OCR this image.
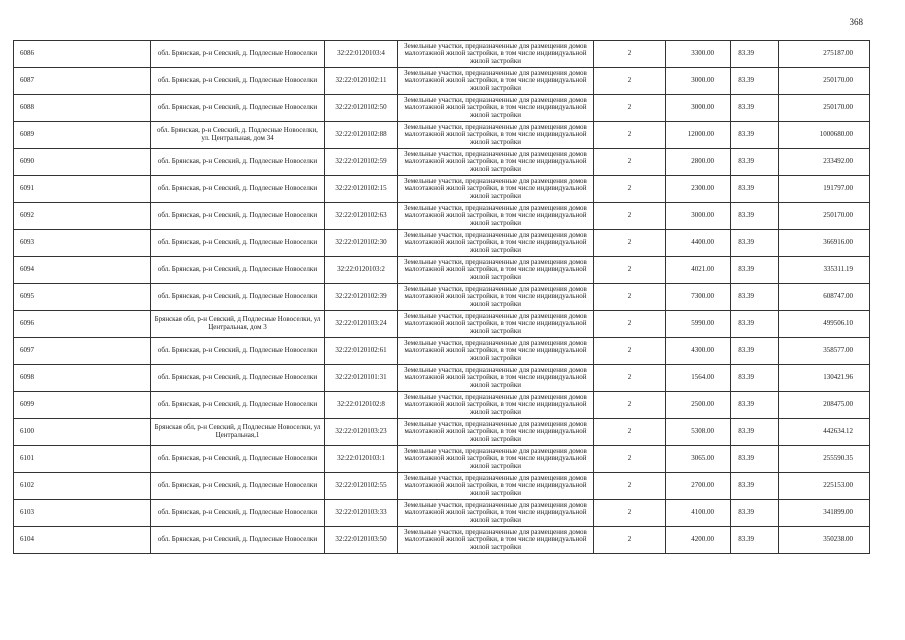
368
6086	обл. Брянская, р-н Севский, д. Подлесные Новоселки	32:22:0120103:4	Земельные участки, предназначенные для размещения домов малоэтажной жилой застройки, в том числе индивидуальной жилой застройки	2	3300.00	83.39	275187.00
6087	обл. Брянская, р-н Севский, д. Подлесные Новоселки	32:22:0120102:11	Земельные участки, предназначенные для размещения домов малоэтажной жилой застройки, в том числе индивидуальной жилой застройки	2	3000.00	83.39	250170.00
6088	обл. Брянская, р-н Севский, д. Подлесные Новоселки	32:22:0120102:50	Земельные участки, предназначенные для размещения домов малоэтажной жилой застройки, в том числе индивидуальной жилой застройки	2	3000.00	83.39	250170.00
6089	обл. Брянская, р-н Севский, д. Подлесные Новоселки, ул. Центральная, дом 34	32:22:0120102:88	Земельные участки, предназначенные для размещения домов малоэтажной жилой застройки, в том числе индивидуальной жилой застройки	2	12000.00	83.39	1000680.00
6090	обл. Брянская, р-н Севский, д. Подлесные Новоселки	32:22:0120102:59	Земельные участки, предназначенные для размещения домов малоэтажной жилой застройки, в том числе индивидуальной жилой застройки	2	2800.00	83.39	233492.00
6091	обл. Брянская, р-н Севский, д. Подлесные Новоселки	32:22:0120102:15	Земельные участки, предназначенные для размещения домов малоэтажной жилой застройки, в том числе индивидуальной жилой застройки	2	2300.00	83.39	191797.00
6092	обл. Брянская, р-н Севский, д. Подлесные Новоселки	32:22:0120102:63	Земельные участки, предназначенные для размещения домов малоэтажной жилой застройки, в том числе индивидуальной жилой застройки	2	3000.00	83.39	250170.00
6093	обл. Брянская, р-н Севский, д. Подлесные Новоселки	32:22:0120102:30	Земельные участки, предназначенные для размещения домов малоэтажной жилой застройки, в том числе индивидуальной жилой застройки	2	4400.00	83.39	366916.00
6094	обл. Брянская, р-н Севский, д. Подлесные Новоселки	32:22:0120103:2	Земельные участки, предназначенные для размещения домов малоэтажной жилой застройки, в том числе индивидуальной жилой застройки	2	4021.00	83.39	335311.19
6095	обл. Брянская, р-н Севский, д. Подлесные Новоселки	32:22:0120102:39	Земельные участки, предназначенные для размещения домов малоэтажной жилой застройки, в том числе индивидуальной жилой застройки	2	7300.00	83.39	608747.00
6096	Брянская обл, р-н Севский, д Подлесные Новоселки, ул Центральная, дом 3	32:22:0120103:24	Земельные участки, предназначенные для размещения домов малоэтажной жилой застройки, в том числе индивидуальной жилой застройки	2	5990.00	83.39	499506.10
6097	обл. Брянская, р-н Севский, д. Подлесные Новоселки	32:22:0120102:61	Земельные участки, предназначенные для размещения домов малоэтажной жилой застройки, в том числе индивидуальной жилой застройки	2	4300.00	83.39	358577.00
6098	обл. Брянская, р-н Севский, д. Подлесные Новоселки	32:22:0120101:31	Земельные участки, предназначенные для размещения домов малоэтажной жилой застройки, в том числе индивидуальной жилой застройки	2	1564.00	83.39	130421.96
6099	обл. Брянская, р-н Севский, д. Подлесные Новоселки	32:22:0120102:8	Земельные участки, предназначенные для размещения домов малоэтажной жилой застройки, в том числе индивидуальной жилой застройки	2	2500.00	83.39	208475.00
6100	Брянская обл, р-н Севский, д Подлесные Новоселки, ул Центральная,1	32:22:0120103:23	Земельные участки, предназначенные для размещения домов малоэтажной жилой застройки, в том числе индивидуальной жилой застройки	2	5308.00	83.39	442634.12
6101	обл. Брянская, р-н Севский, д. Подлесные Новоселки	32:22:0120103:1	Земельные участки, предназначенные для размещения домов малоэтажной жилой застройки, в том числе индивидуальной жилой застройки	2	3065.00	83.39	255590.35
6102	обл. Брянская, р-н Севский, д. Подлесные Новоселки	32:22:0120102:55	Земельные участки, предназначенные для размещения домов малоэтажной жилой застройки, в том числе индивидуальной жилой застройки	2	2700.00	83.39	225153.00
6103	обл. Брянская, р-н Севский, д. Подлесные Новоселки	32:22:0120103:33	Земельные участки, предназначенные для размещения домов малоэтажной жилой застройки, в том числе индивидуальной жилой застройки	2	4100.00	83.39	341899.00
6104	обл. Брянская, р-н Севский, д. Подлесные Новоселки	32:22:0120103:50	Земельные участки, предназначенные для размещения домов малоэтажной жилой застройки, в том числе индивидуальной жилой застройки	2	4200.00	83.39	350238.00
